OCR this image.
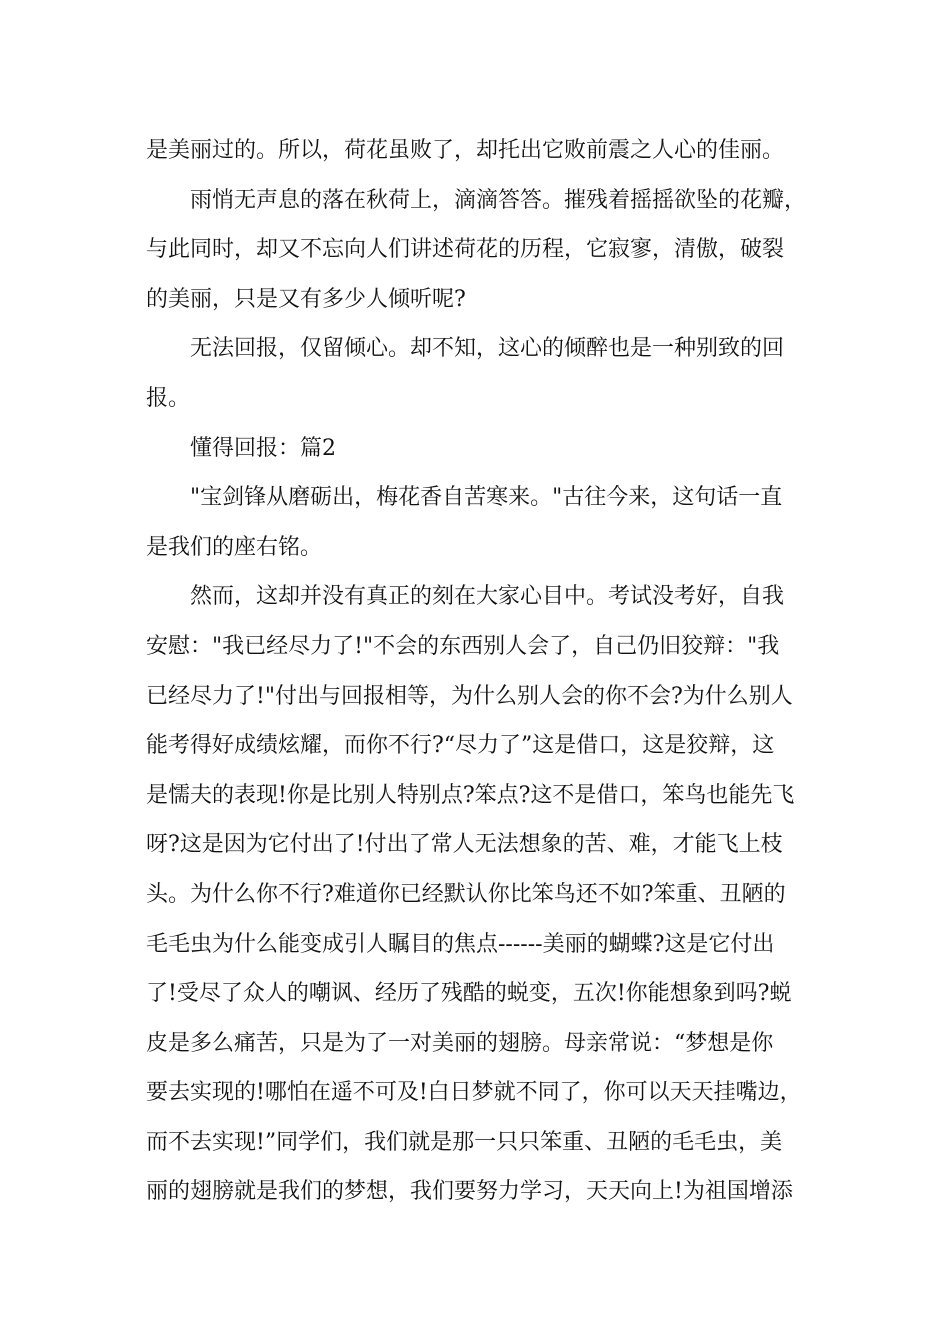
是美丽过的。所以，荷花虽败了，却托出它败前震之人心的佳丽。
雨悄无声息的落在秋荷上，滴滴答答。摧残着摇摇欲坠的花瓣，
与此同时，却又不忘向人们讲述荷花的历程，它寂寥，清傲，破裂
的美丽，只是又有多少人倾听呢?
无法回报，仅留倾心。却不知，这心的倾醉也是一种别致的回
报。
懂得回报：篇2
"宝剑锋从磨砺出，梅花香自苦寒来。"古往今来，这句话一直
是我们的座右铭。
然而，这却并没有真正的刻在大家心目中。考试没考好，自我
安慰："我已经尽力了!"不会的东西别人会了，自己仍旧狡辩："我
已经尽力了!"付出与回报相等，为什么别人会的你不会?为什么别人
能考得好成绩炫耀，而你不行?“尽力了”这是借口，这是狡辩，这
是懦夫的表现!你是比别人特别点?笨点?这不是借口，笨鸟也能先飞
呀?这是因为它付出了!付出了常人无法想象的苦、难，才能飞上枝
头。为什么你不行?难道你已经默认你比笨鸟还不如?笨重、丑陋的
毛毛虫为什么能变成引人瞩目的焦点------美丽的蝴蝶?这是它付出
了!受尽了众人的嘲讽、经历了残酷的蜕变，五次!你能想象到吗?蜕
皮是多么痛苦，只是为了一对美丽的翅膀。母亲常说：“梦想是你
要去实现的!哪怕在遥不可及!白日梦就不同了，你可以天天挂嘴边，
而不去实现!”同学们，我们就是那一只只笨重、丑陋的毛毛虫，美
丽的翅膀就是我们的梦想，我们要努力学习，天天向上!为祖国增添
